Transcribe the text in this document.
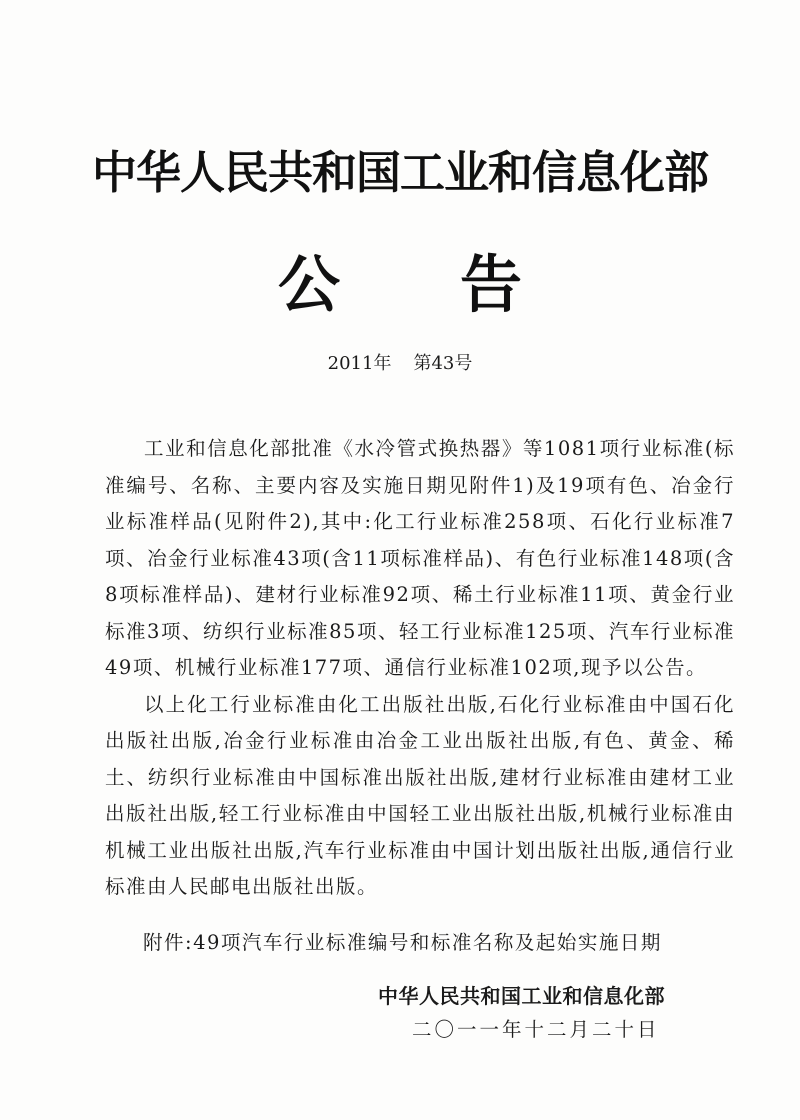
中华人民共和国工业和信息化部
公告
2011年 第43号

工业和信息化部批准《水冷管式换热器》等1081项行业标准(标准编号、名称、主要内容及实施日期见附件1)及19项有色、冶金行业标准样品(见附件2),其中:化工行业标准258项、石化行业标准7项、冶金行业标准43项(含11项标准样品)、有色行业标准148项(含8项标准样品)、建材行业标准92项、稀土行业标准11项、黄金行业标准3项、纺织行业标准85项、轻工行业标准125项、汽车行业标准49项、机械行业标准177项、通信行业标准102项,现予以公告。

以上化工行业标准由化工出版社出版,石化行业标准由中国石化出版社出版,冶金行业标准由冶金工业出版社出版,有色、黄金、稀土、纺织行业标准由中国标准出版社出版,建材行业标准由建材工业出版社出版,轻工行业标准由中国轻工业出版社出版,机械行业标准由机械工业出版社出版,汽车行业标准由中国计划出版社出版,通信行业标准由人民邮电出版社出版。

附件:49项汽车行业标准编号和标准名称及起始实施日期
中华人民共和国工业和信息化部
二〇一一年十二月二十日
